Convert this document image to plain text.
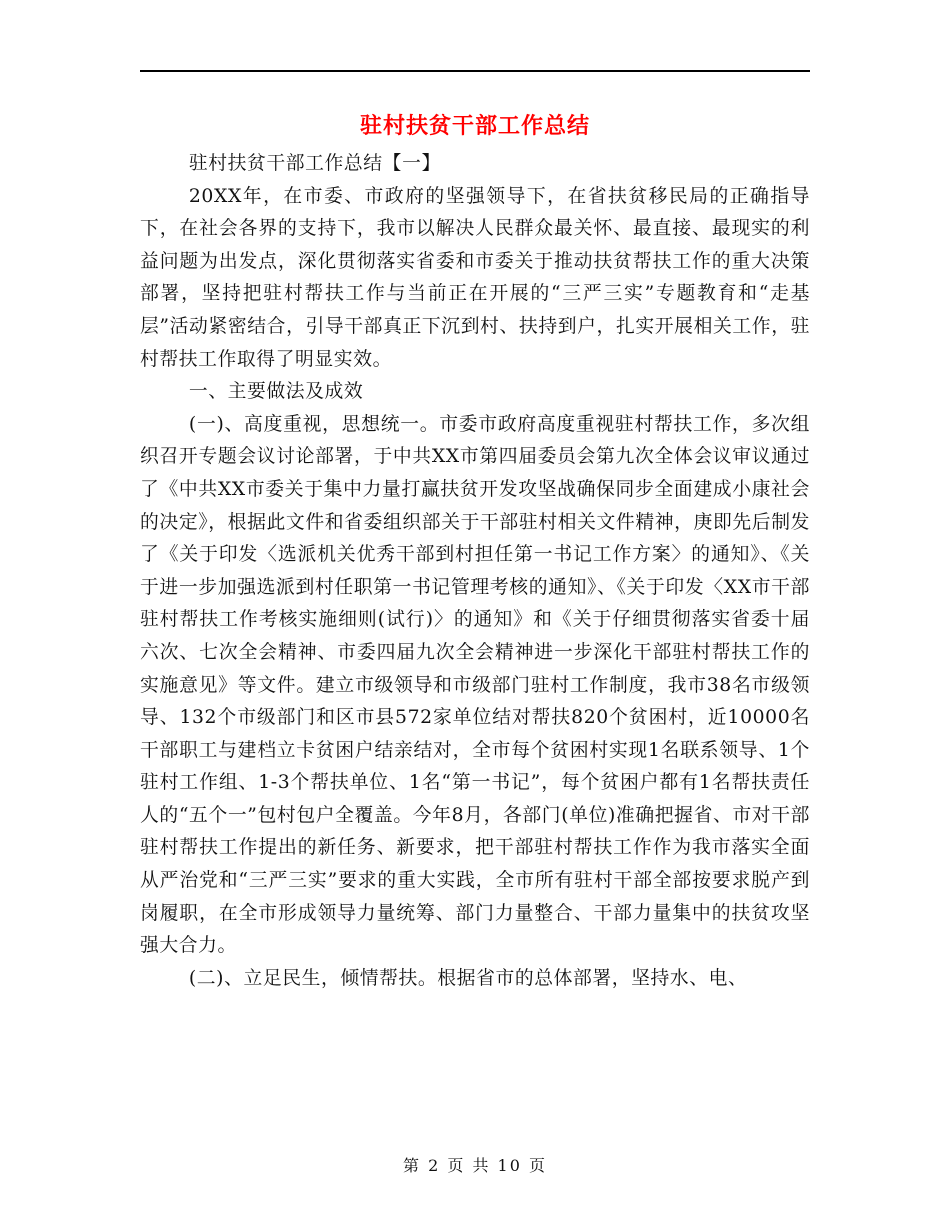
驻村扶贫干部工作总结

驻村扶贫干部工作总结【一】

20XX年，在市委、市政府的坚强领导下，在省扶贫移民局的正确指导下，在社会各界的支持下，我市以解决人民群众最关怀、最直接、最现实的利益问题为出发点，深化贯彻落实省委和市委关于推动扶贫帮扶工作的重大决策部署，坚持把驻村帮扶工作与当前正在开展的“三严三实”专题教育和“走基层”活动紧密结合，引导干部真正下沉到村、扶持到户，扎实开展相关工作，驻村帮扶工作取得了明显实效。

一、主要做法及成效

(一)、高度重视，思想统一。市委市政府高度重视驻村帮扶工作，多次组织召开专题会议讨论部署，于中共XX市第四届委员会第九次全体会议审议通过了《中共XX市委关于集中力量打赢扶贫开发攻坚战确保同步全面建成小康社会的决定》，根据此文件和省委组织部关于干部驻村相关文件精神，庚即先后制发了《关于印发〈选派机关优秀干部到村担任第一书记工作方案〉的通知》、《关于进一步加强选派到村任职第一书记管理考核的通知》、《关于印发〈XX市干部驻村帮扶工作考核实施细则(试行)〉的通知》和《关于仔细贯彻落实省委十届六次、七次全会精神、市委四届九次全会精神进一步深化干部驻村帮扶工作的实施意见》等文件。建立市级领导和市级部门驻村工作制度，我市38名市级领导、132个市级部门和区市县572家单位结对帮扶820个贫困村，近10000名干部职工与建档立卡贫困户结亲结对，全市每个贫困村实现1名联系领导、1个驻村工作组、1-3个帮扶单位、1名“第一书记”，每个贫困户都有1名帮扶责任人的“五个一”包村包户全覆盖。今年8月，各部门(单位)准确把握省、市对干部驻村帮扶工作提出的新任务、新要求，把干部驻村帮扶工作作为我市落实全面从严治党和“三严三实”要求的重大实践，全市所有驻村干部全部按要求脱产到岗履职，在全市形成领导力量统筹、部门力量整合、干部力量集中的扶贫攻坚强大合力。

(二)、立足民生，倾情帮扶。根据省市的总体部署，坚持水、电、

第 2 页 共 10 页
